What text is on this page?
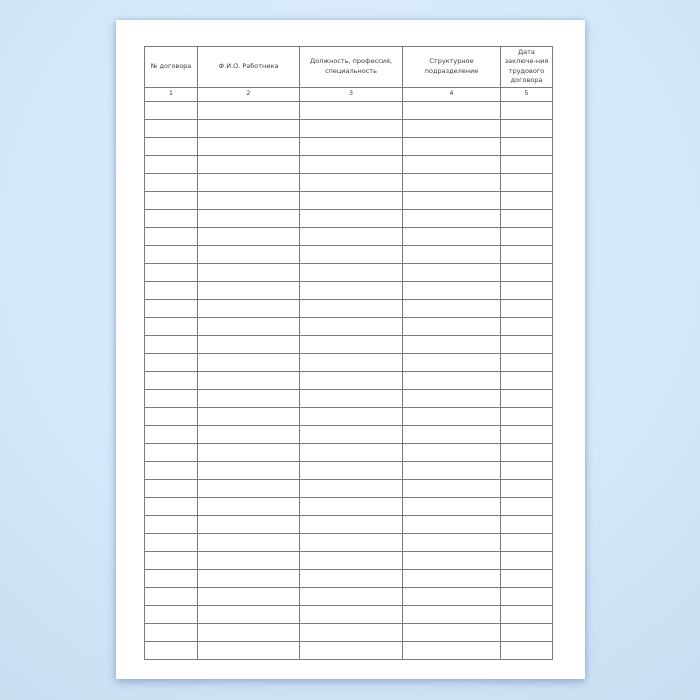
№ договора	Ф.И.О. Работника	Должность, профессия, специальность	Структурное подразделение	Дата заключе-ния трудового договора
1	2	3	4	5
